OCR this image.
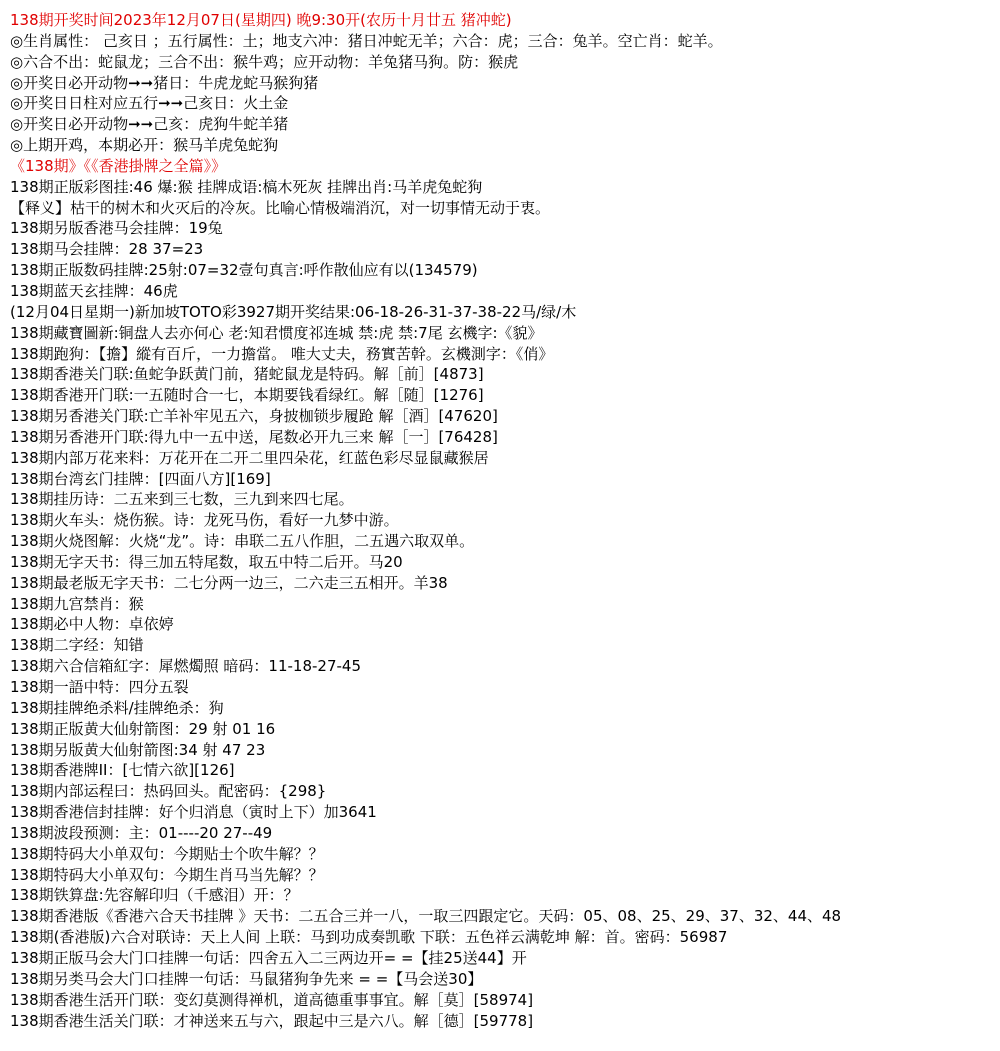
138期开奖时间2023年12月07日(星期四) 晚9:30开(农历十月廿五 猪冲蛇)
◎生肖属性： 己亥日 ；五行属性：土；地支六冲：猪日冲蛇无羊；六合：虎；三合：兔羊。空亡肖：蛇羊。
◎六合不出：蛇鼠龙；三合不出：猴牛鸡；应开动物：羊兔猪马狗。防：猴虎
◎开奖日必开动物➞➞猪日：牛虎龙蛇马猴狗猪
◎开奖日日柱对应五行➞➞己亥日：火土金
◎开奖日必开动物➞➞己亥：虎狗牛蛇羊猪
◎上期开鸡，本期必开：猴马羊虎兔蛇狗
《138期》《《香港掛牌之全篇》》
138期正版彩图挂:46 爆:猴 挂牌成语:槁木死灰 挂牌出肖:马羊虎兔蛇狗
【释义】枯干的树木和火灭后的冷灰。比喻心情极端消沉，对一切事情无动于衷。
138期另版香港马会挂牌：19兔
138期马会挂牌：28 37=23
138期正版数码挂牌:25射:07=32壹句真言:呼作散仙应有以(134579)
138期蓝天玄挂牌：46虎
(12月04日星期一)新加坡TOTO彩3927期开奖结果:06-18-26-31-37-38-22马/绿/木
138期藏寶圖新:铜盘人去亦何心 老:知君惯度祁连城 禁:虎 禁:7尾 玄機字:《貌》
138期跑狗：【擔】縱有百斤，一力擔當。 唯大丈夫，務實苦幹。玄機測字：《俏》
138期香港关门联:鱼蛇争跃黄门前，猪蛇鼠龙是特码。解［前］[4873]
138期香港开门联:一五随时合一七，本期要钱看绿红。解［随］[1276]
138期另香港关门联:亡羊补牢见五六，身披枷锁步履跄 解［酒］[47620]
138期另香港开门联:得九中一五中送，尾数必开九三来 解［一］[76428]
138期内部万花来料：万花开在二开二里四朵花，红蓝色彩尽显鼠藏猴居
138期台湾玄门挂牌：[四面八方][169]
138期挂历诗：二五来到三七数，三九到来四七尾。
138期火车头：烧伤猴。诗：龙死马伤，看好一九梦中游。
138期火烧图解：火烧“龙”。诗：串联二五八作胆，二五遇六取双单。
138期无字天书：得三加五特尾数，取五中特二后开。马20
138期最老版无字天书：二七分两一边三，二六走三五相开。羊38
138期九宫禁肖：猴
138期必中人物：卓依婷
138期二字经：知错
138期六合信箱紅字：犀燃燭照 暗码：11-18-27-45
138期一語中特：四分五裂
138期挂牌绝杀料/挂牌绝杀：狗
138期正版黄大仙射箭图：29 射 01 16
138期另版黄大仙射箭图:34 射 47 23
138期香港牌II：[七情六欲][126]
138期内部运程曰：热码回头。配密码：{298}
138期香港信封挂牌：好个归消息（寅时上下）加3641
138期波段预测：主：01----20 27--49
138期特码大小单双句：今期贴士个吹牛解？？
138期特码大小单双句：今期生肖马当先解？？
138期铁算盘:先容解印归（千感泪）开：？
138期香港版《香港六合天书挂牌 》天书：二五合三并一八，一取三四跟定它。天码：05、08、25、29、37、32、44、48
138期(香港版)六合对联诗：天上人间 上联：马到功成奏凯歌 下联：五色祥云满乾坤 解：首。密码：56987
138期正版马会大门口挂牌一句话：四舍五入二三两边开= =【挂25送44】开
138期另类马会大门口挂牌一句话：马鼠猪狗争先来 = =【马会送30】
138期香港生活开门联：变幻莫测得禅机，道高德重事事宜。解［莫］[58974]
138期香港生活关门联：才神送来五与六，跟起中三是六八。解［德］[59778]
